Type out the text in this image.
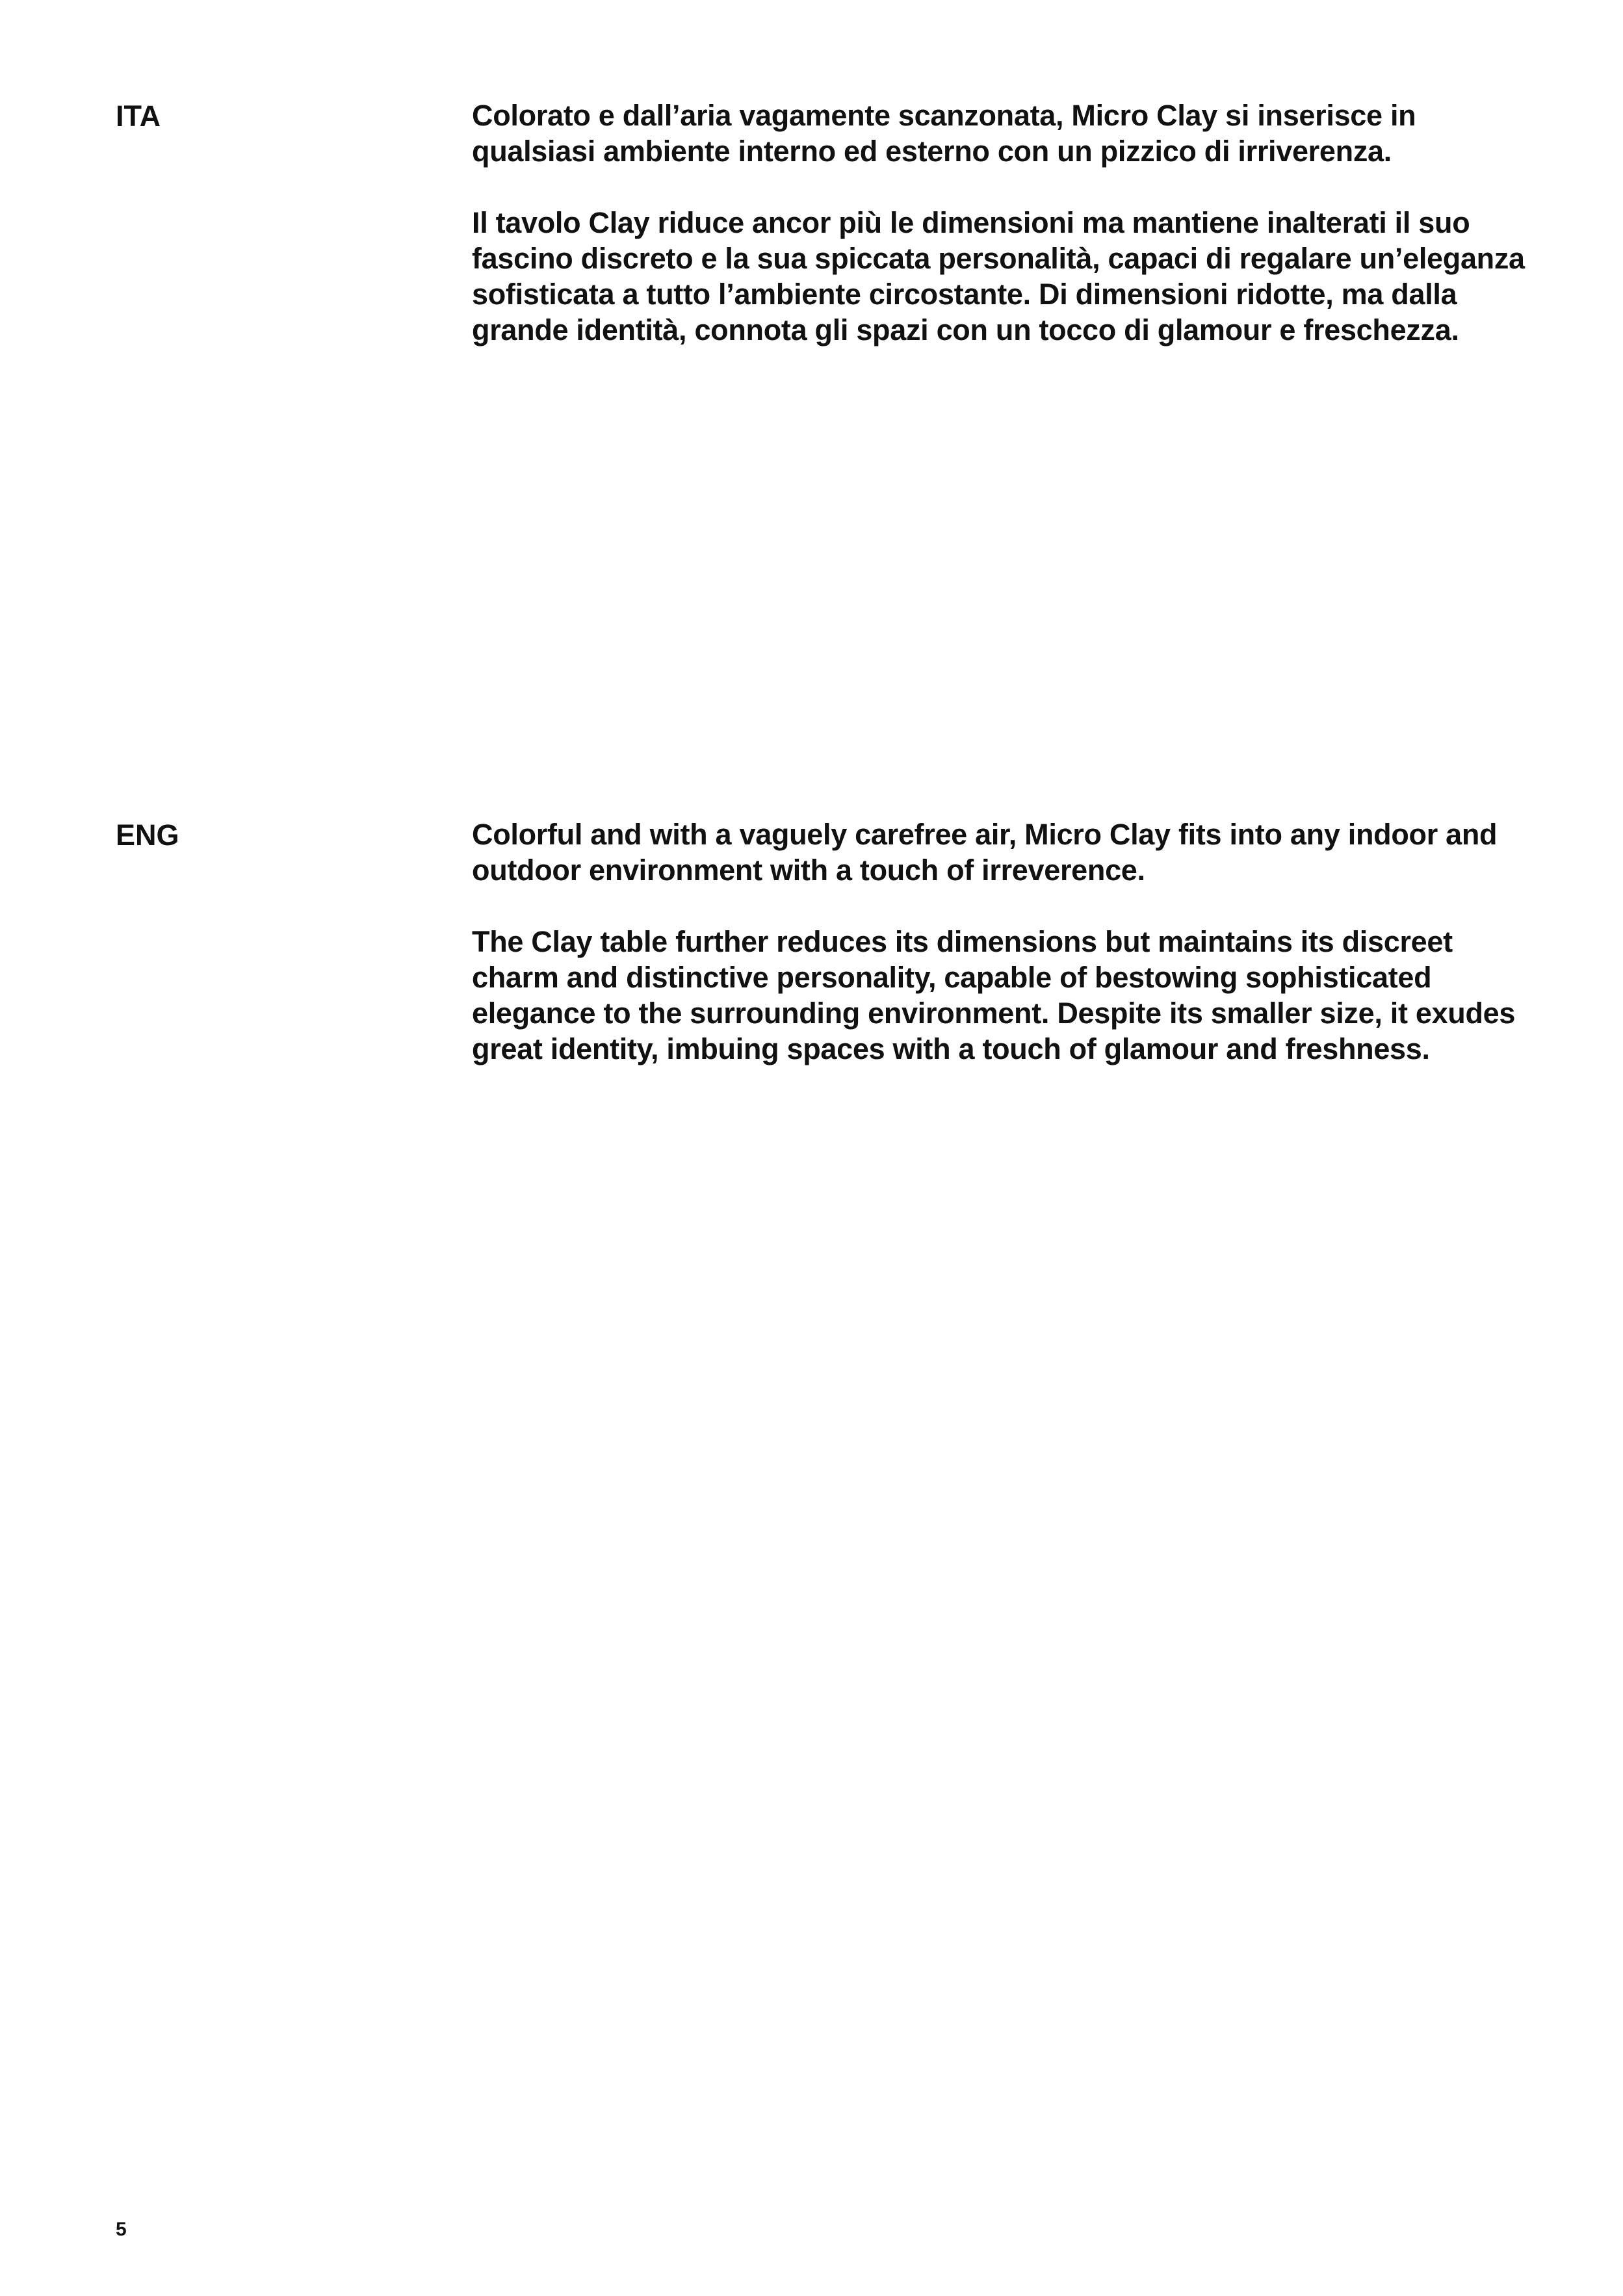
ITA	Colorato e dall’aria vagamente scanzonata, Micro Clay si inserisce in qualsiasi ambiente interno ed esterno con un pizzico di irriverenza.

Il tavolo Clay riduce ancor più le dimensioni ma mantiene inalterati il suo fascino discreto e la sua spiccata personalità, capaci di regalare un’eleganza sofisticata a tutto l’ambiente circostante. Di dimensioni ridotte, ma dalla grande identità, connota gli spazi con un tocco di glamour e freschezza.

ENG	Colorful and with a vaguely carefree air, Micro Clay fits into any indoor and outdoor environment with a touch of irreverence.

The Clay table further reduces its dimensions but maintains its discreet charm and distinctive personality, capable of bestowing sophisticated elegance to the surrounding environment. Despite its smaller size, it exudes great identity, imbuing spaces with a touch of glamour and freshness.

5
